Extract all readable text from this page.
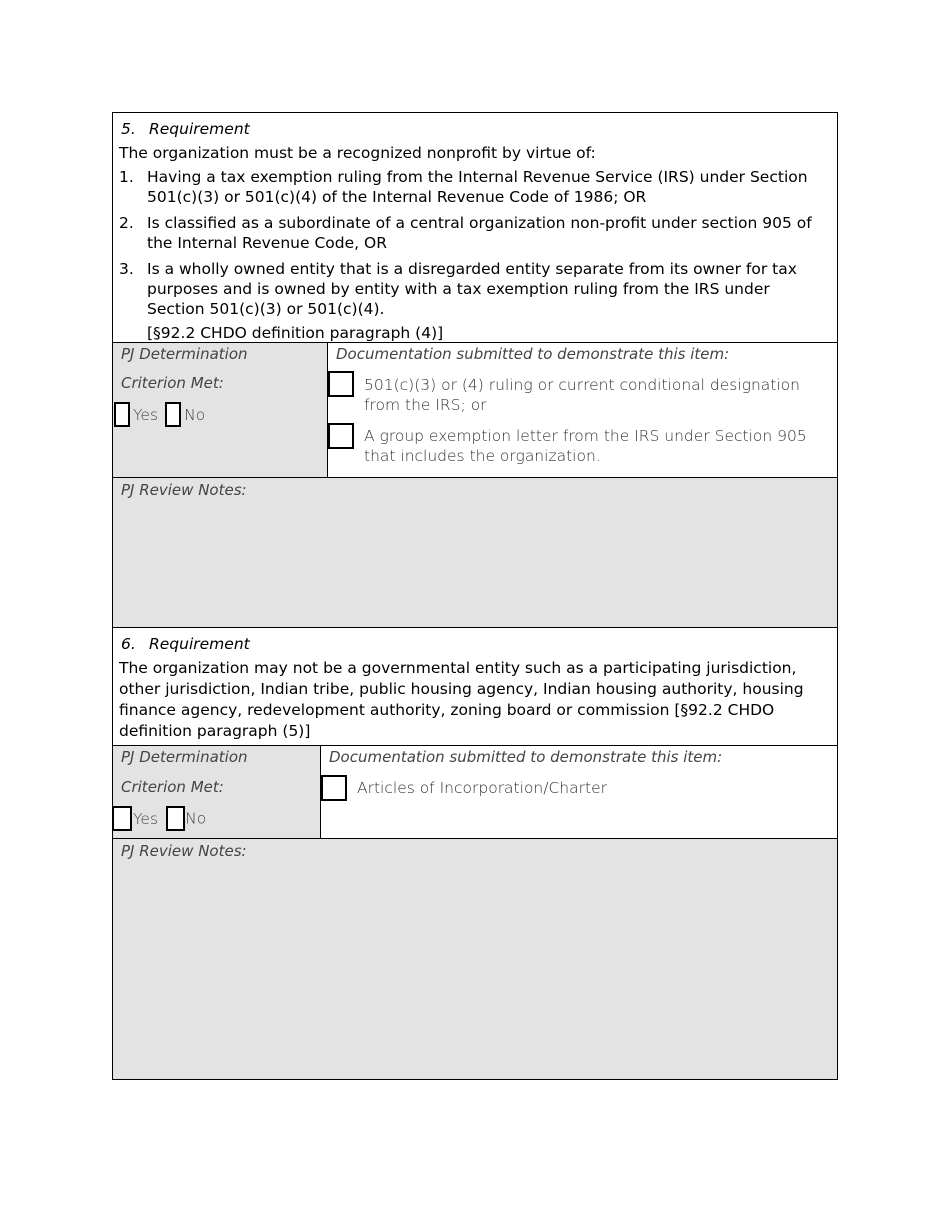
5. Requirement
The organization must be a recognized nonprofit by virtue of:
1. Having a tax exemption ruling from the Internal Revenue Service (IRS) under Section 501(c)(3) or 501(c)(4) of the Internal Revenue Code of 1986; OR
2. Is classified as a subordinate of a central organization non-profit under section 905 of the Internal Revenue Code, OR
3. Is a wholly owned entity that is a disregarded entity separate from its owner for tax purposes and is owned by entity with a tax exemption ruling from the IRS under Section 501(c)(3) or 501(c)(4).
[§92.2 CHDO definition paragraph (4)]
PJ Determination
Criterion Met:
Yes No
Documentation submitted to demonstrate this item:
501(c)(3) or (4) ruling or current conditional designation from the IRS; or
A group exemption letter from the IRS under Section 905 that includes the organization.
PJ Review Notes:
6. Requirement
The organization may not be a governmental entity such as a participating jurisdiction, other jurisdiction, Indian tribe, public housing agency, Indian housing authority, housing finance agency, redevelopment authority, zoning board or commission [§92.2 CHDO definition paragraph (5)]
PJ Determination
Criterion Met:
Yes No
Documentation submitted to demonstrate this item:
Articles of Incorporation/Charter
PJ Review Notes:
